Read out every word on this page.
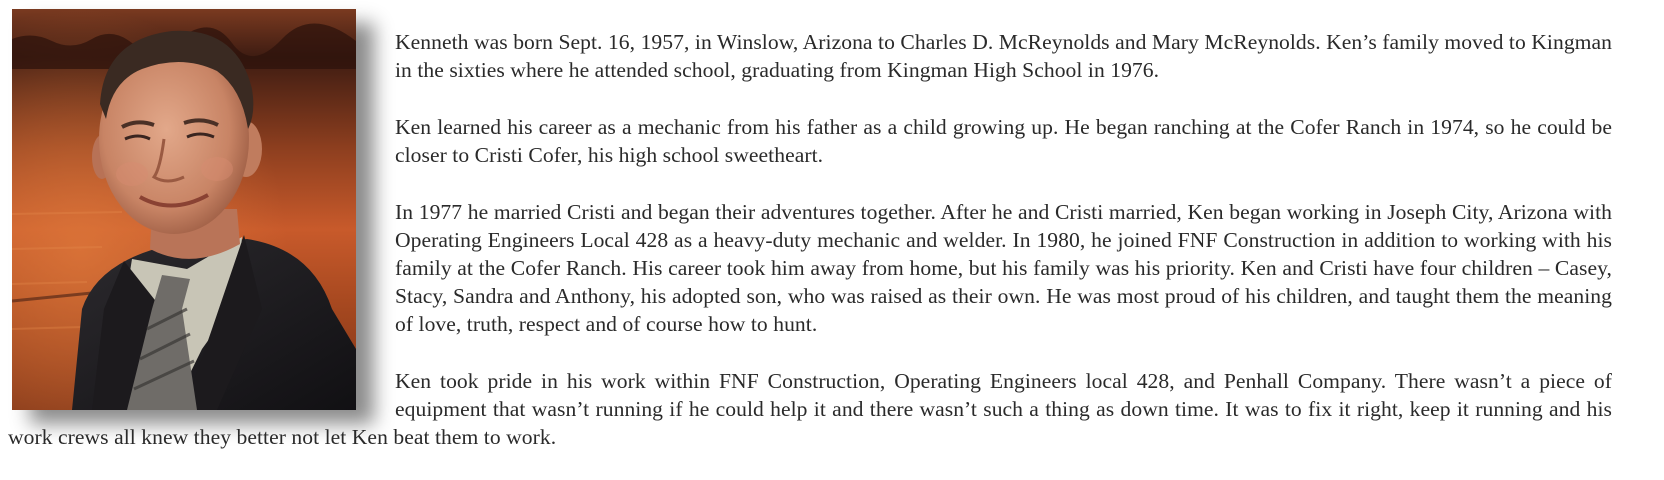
Kenneth was born Sept. 16, 1957, in Winslow, Arizona to Charles D. McReynolds and Mary McReynolds. Ken’s family moved to Kingman in the sixties where he attended school, graduating from Kingman High School in 1976.

Ken learned his career as a mechanic from his father as a child growing up. He began ranching at the Cofer Ranch in 1974, so he could be closer to Cristi Cofer, his high school sweetheart.

In 1977 he married Cristi and began their adventures together. After he and Cristi married, Ken began working in Joseph City, Arizona with Operating Engineers Local 428 as a heavy-duty mechanic and welder. In 1980, he joined FNF Construction in addition to working with his family at the Cofer Ranch. His career took him away from home, but his family was his priority. Ken and Cristi have four children – Casey, Stacy, Sandra and Anthony, his adopted son, who was raised as their own. He was most proud of his children, and taught them the meaning of love, truth, respect and of course how to hunt.

Ken took pride in his work within FNF Construction, Operating Engineers local 428, and Penhall Company. There wasn’t a piece of equipment that wasn’t running if he could help it and there wasn’t such a thing as down time. It was to fix it right, keep it running and his work crews all knew they better not let Ken beat them to work.
